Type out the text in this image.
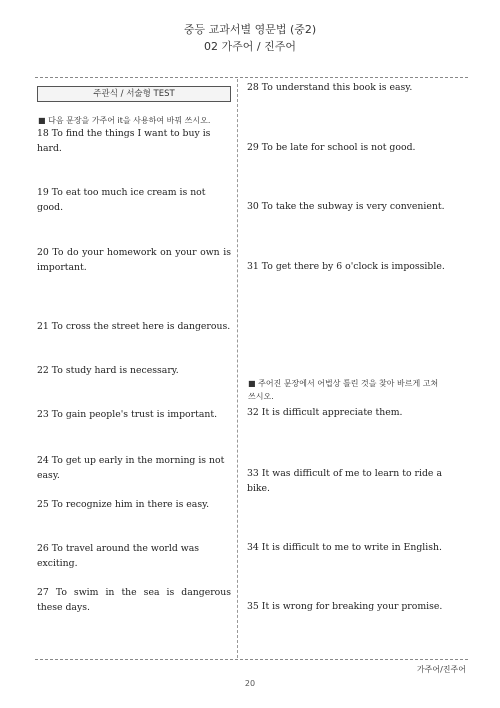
중등 교과서별 영문법 (중2)
02 가주어 / 진주어
주관식 / 서술형 TEST
■ 다음 문장을 가주어 it을 사용하여 바꿔 쓰시오.
18 To find the things I want to buy is hard.
19 To eat too much ice cream is not good.
20 To do your homework on your own is important.
21 To cross the street here is dangerous.
22 To study hard is necessary.
23 To gain people's trust is important.
24 To get up early in the morning is not easy.
25 To recognize him in there is easy.
26 To travel around the world was exciting.
27 To swim in the sea is dangerous these days.
28 To understand this book is easy.
29 To be late for school is not good.
30 To take the subway is very convenient.
31 To get there by 6 o'clock is impossible.
■ 주어진 문장에서 어법상 틀린 것을 찾아 바르게 고쳐 쓰시오.
32 It is difficult appreciate them.
33 It was difficult of me to learn to ride a bike.
34 It is difficult to me to write in English.
35 It is wrong for breaking your promise.
가주어/진주어
20
